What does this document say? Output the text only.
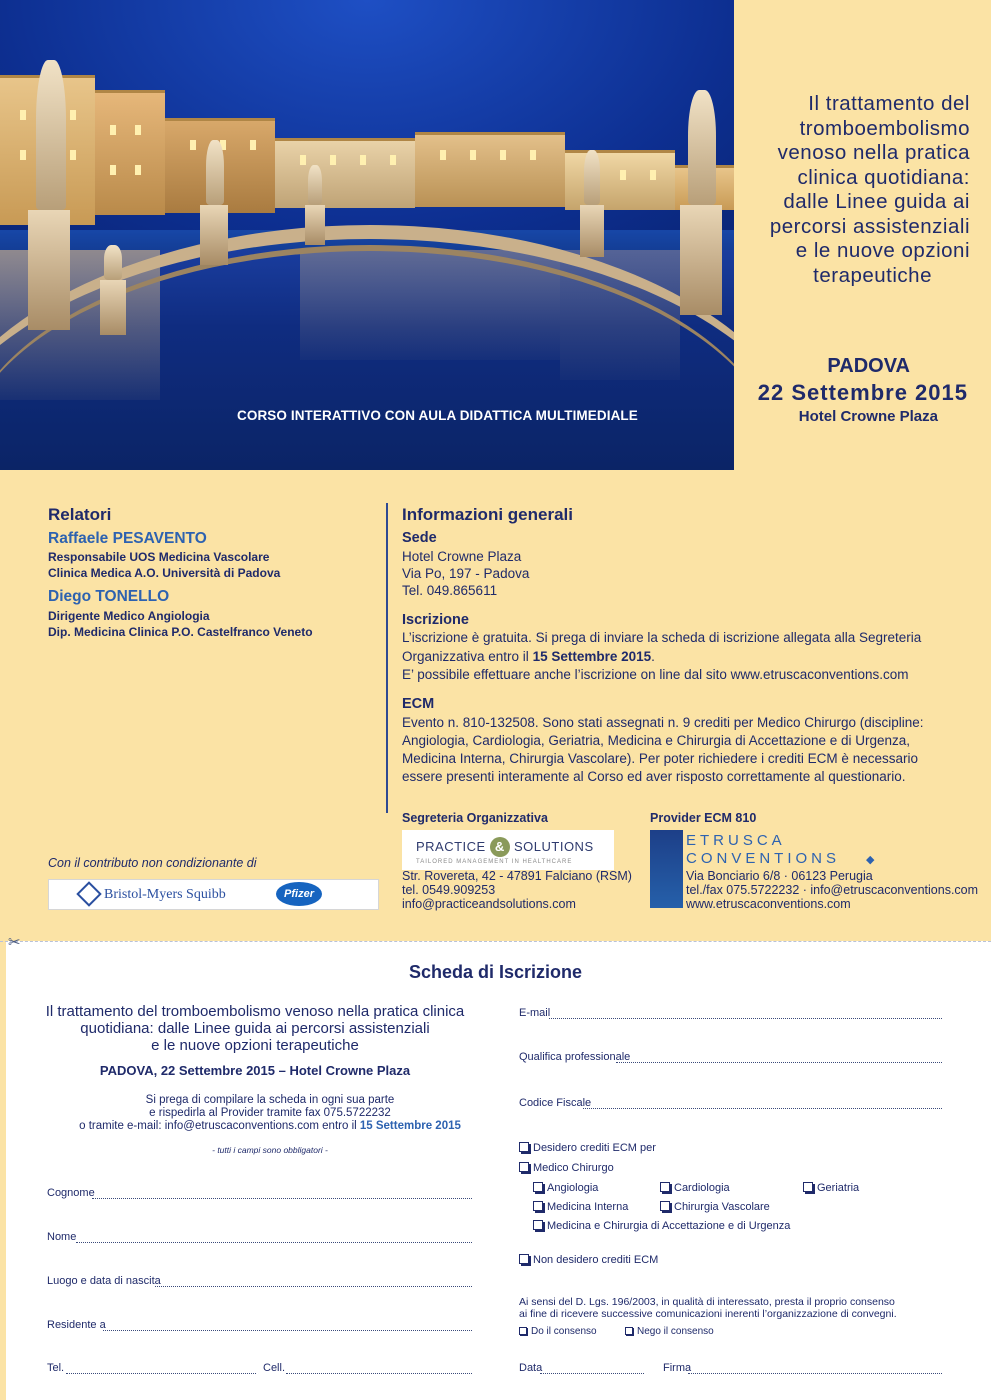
CORSO INTERATTIVO CON AULA DIDATTICA MULTIMEDIALE
Il trattamento del
tromboembolismo
venoso nella pratica
clinica quotidiana:
dalle Linee guida ai
percorsi assistenziali
e le nuove opzioni
terapeutiche
PADOVA
22 Settembre 2015
Hotel Crowne Plaza
Relatori
Raffaele PESAVENTO
Responsabile UOS Medicina Vascolare
Clinica Medica A.O. Università di Padova
Diego TONELLO
Dirigente Medico Angiologia
Dip. Medicina Clinica P.O. Castelfranco Veneto
Informazioni generali
Sede
Hotel Crowne Plaza
Via Po, 197 - Padova
Tel. 049.865611
Iscrizione
L’iscrizione è gratuita. Si prega di inviare la scheda di iscrizione allegata alla Segreteria
Organizzativa entro il 15 Settembre 2015.
E’ possibile effettuare anche l’iscrizione on line dal sito www.etruscaconventions.com
ECM
Evento n. 810-132508. Sono stati assegnati n. 9 crediti per Medico Chirurgo (discipline:
Angiologia, Cardiologia, Geriatria, Medicina e Chirurgia di Accettazione e di Urgenza,
Medicina Interna, Chirurgia Vascolare). Per poter richiedere i crediti ECM è necessario
essere presenti interamente al Corso ed aver risposto correttamente al questionario.
Segreteria Organizzativa
PRACTICE & SOLUTIONS
TAILORED MANAGEMENT IN HEALTHCARE
Str. Rovereta, 42 - 47891 Falciano (RSM)
tel. 0549.909253
info@practiceandsolutions.com
Provider ECM 810
ETRUSCA
CONVENTIONS ◆
Via Bonciario 6/8 · 06123 Perugia
tel./fax 075.5722232 · info@etruscaconventions.com
www.etruscaconventions.com
Con il contributo non condizionante di
Bristol-Myers Squibb	Pfizer
✂
Scheda di Iscrizione
Il trattamento del tromboembolismo venoso nella pratica clinica
quotidiana: dalle Linee guida ai percorsi assistenziali
e le nuove opzioni terapeutiche
PADOVA, 22 Settembre 2015 – Hotel Crowne Plaza
Si prega di compilare la scheda in ogni sua parte
e rispedirla al Provider tramite fax 075.5722232
o tramite e-mail: info@etruscaconventions.com entro il 15 Settembre 2015
- tutti i campi sono obbligatori -
Cognome
Nome
Luogo e data di nascita
Residente a
Tel.	Cell.
E-mail
Qualifica professionale
Codice Fiscale
Desidero crediti ECM per
Medico Chirurgo
Angiologia	Cardiologia	Geriatria
Medicina Interna	Chirurgia Vascolare
Medicina e Chirurgia di Accettazione e di Urgenza
Non desidero crediti ECM
Ai sensi del D. Lgs. 196/2003, in qualità di interessato, presta il proprio consenso
ai fine di ricevere successive comunicazioni inerenti l’organizzazione di convegni.
Do il consenso	Nego il consenso
Data	Firma
